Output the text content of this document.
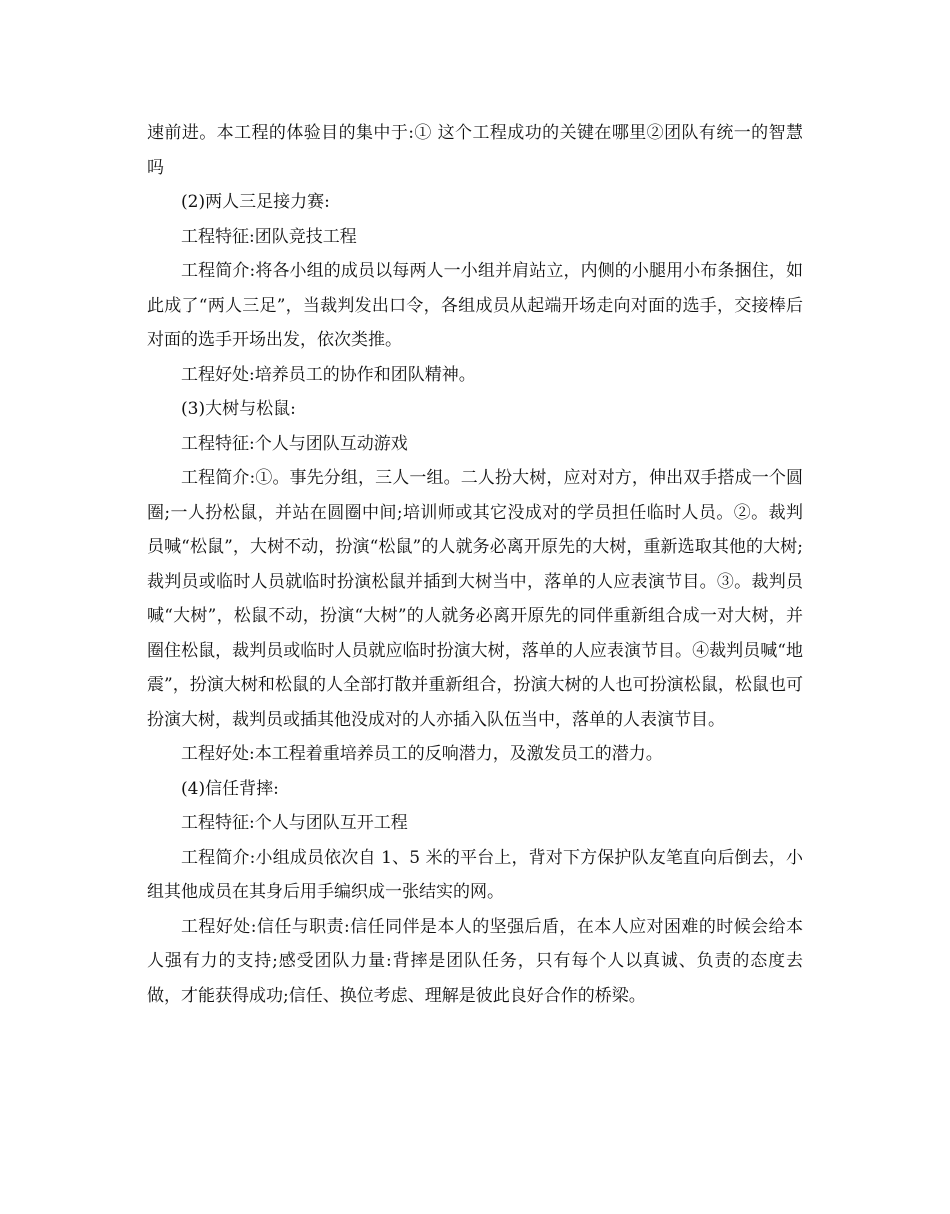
速前进。本工程的体验目的集中于:① 这个工程成功的关键在哪里②团队有统一的智慧吗

(2)两人三足接力赛:

工程特征:团队竞技工程

工程简介:将各小组的成员以每两人一小组并肩站立，内侧的小腿用小布条捆住，如此成了“两人三足”，当裁判发出口令，各组成员从起端开场走向对面的选手，交接棒后对面的选手开场出发，依次类推。

工程好处:培养员工的协作和团队精神。

(3)大树与松鼠:

工程特征:个人与团队互动游戏

工程简介:①。事先分组，三人一组。二人扮大树，应对对方，伸出双手搭成一个圆圈;一人扮松鼠，并站在圆圈中间;培训师或其它没成对的学员担任临时人员。②。裁判员喊“松鼠”，大树不动，扮演“松鼠”的人就务必离开原先的大树，重新选取其他的大树;裁判员或临时人员就临时扮演松鼠并插到大树当中，落单的人应表演节目。③。裁判员喊“大树”，松鼠不动，扮演“大树”的人就务必离开原先的同伴重新组合成一对大树，并圈住松鼠，裁判员或临时人员就应临时扮演大树，落单的人应表演节目。④裁判员喊“地震”，扮演大树和松鼠的人全部打散并重新组合，扮演大树的人也可扮演松鼠，松鼠也可扮演大树，裁判员或插其他没成对的人亦插入队伍当中，落单的人表演节目。

工程好处:本工程着重培养员工的反响潜力，及激发员工的潜力。

(4)信任背摔:

工程特征:个人与团队互开工程

工程简介:小组成员依次自 1、5 米的平台上，背对下方保护队友笔直向后倒去，小组其他成员在其身后用手编织成一张结实的网。

工程好处:信任与职责:信任同伴是本人的坚强后盾，在本人应对困难的时候会给本人强有力的支持;感受团队力量:背摔是团队任务，只有每个人以真诚、负责的态度去做，才能获得成功;信任、换位考虑、理解是彼此良好合作的桥梁。
